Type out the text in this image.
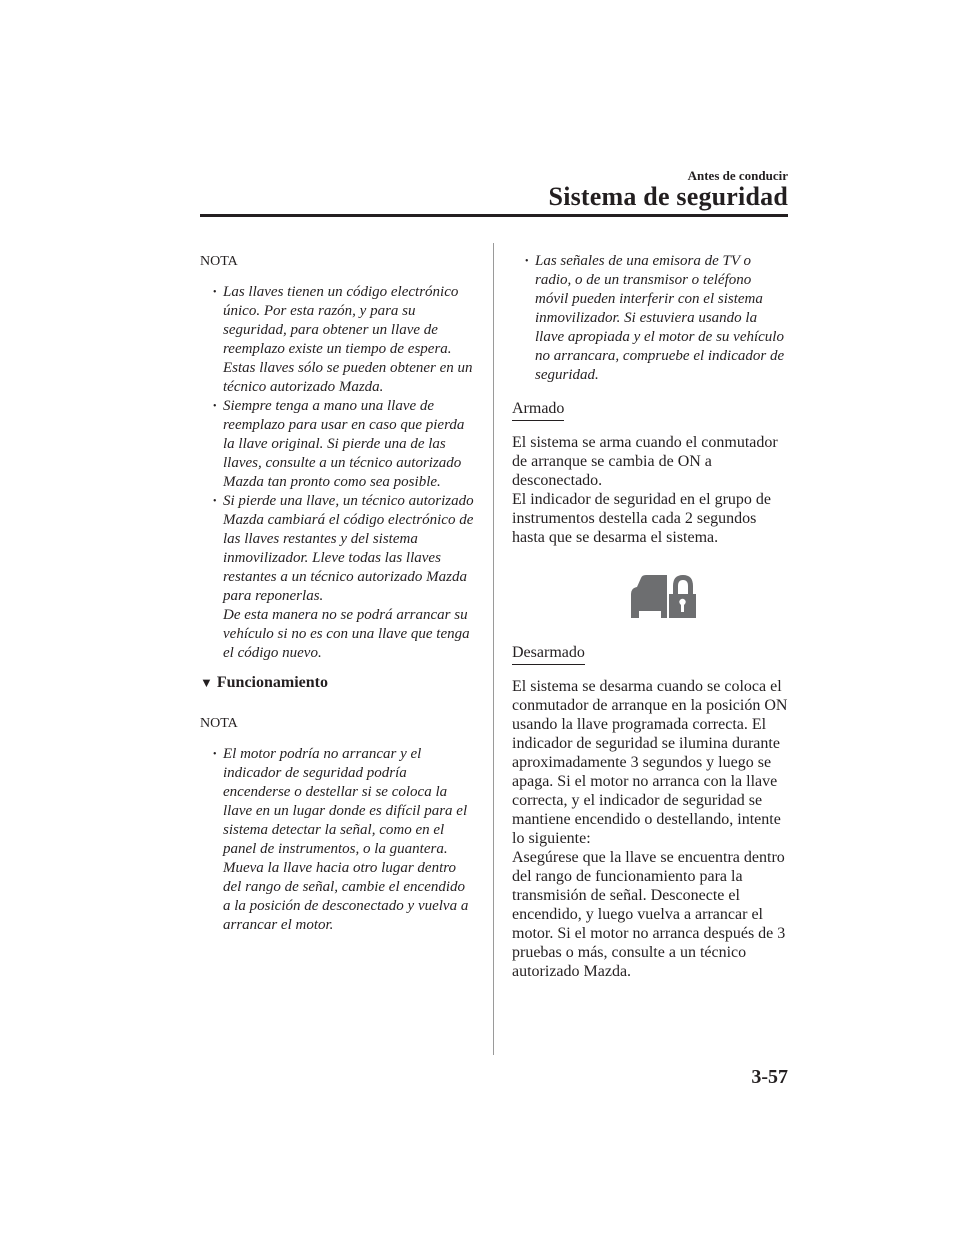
Antes de conducir
Sistema de seguridad
NOTA
• Las llaves tienen un código electrónico único. Por esta razón, y para su seguridad, para obtener un llave de reemplazo existe un tiempo de espera. Estas llaves sólo se pueden obtener en un técnico autorizado Mazda.
• Siempre tenga a mano una llave de reemplazo para usar en caso que pierda la llave original. Si pierde una de las llaves, consulte a un técnico autorizado Mazda tan pronto como sea posible.
• Si pierde una llave, un técnico autorizado Mazda cambiará el código electrónico de las llaves restantes y del sistema inmovilizador. Lleve todas las llaves restantes a un técnico autorizado Mazda para reponerlas.
De esta manera no se podrá arrancar su vehículo si no es con una llave que tenga el código nuevo.
▼ Funcionamiento
NOTA
• El motor podría no arrancar y el indicador de seguridad podría encenderse o destellar si se coloca la llave en un lugar donde es difícil para el sistema detectar la señal, como en el panel de instrumentos, o la guantera. Mueva la llave hacia otro lugar dentro del rango de señal, cambie el encendido a la posición de desconectado y vuelva a arrancar el motor.
• Las señales de una emisora de TV o radio, o de un transmisor o teléfono móvil pueden interferir con el sistema inmovilizador. Si estuviera usando la llave apropiada y el motor de su vehículo no arrancara, compruebe el indicador de seguridad.
Armado

El sistema se arma cuando el conmutador de arranque se cambia de ON a desconectado.

El indicador de seguridad en el grupo de instrumentos destella cada 2 segundos hasta que se desarma el sistema.

Desarmado

El sistema se desarma cuando se coloca el conmutador de arranque en la posición ON usando la llave programada correcta. El indicador de seguridad se ilumina durante aproximadamente 3 segundos y luego se apaga. Si el motor no arranca con la llave correcta, y el indicador de seguridad se mantiene encendido o destellando, intente lo siguiente:

Asegúrese que la llave se encuentra dentro del rango de funcionamiento para la transmisión de señal. Desconecte el encendido, y luego vuelva a arrancar el motor. Si el motor no arranca después de 3 pruebas o más, consulte a un técnico autorizado Mazda.

3-57
